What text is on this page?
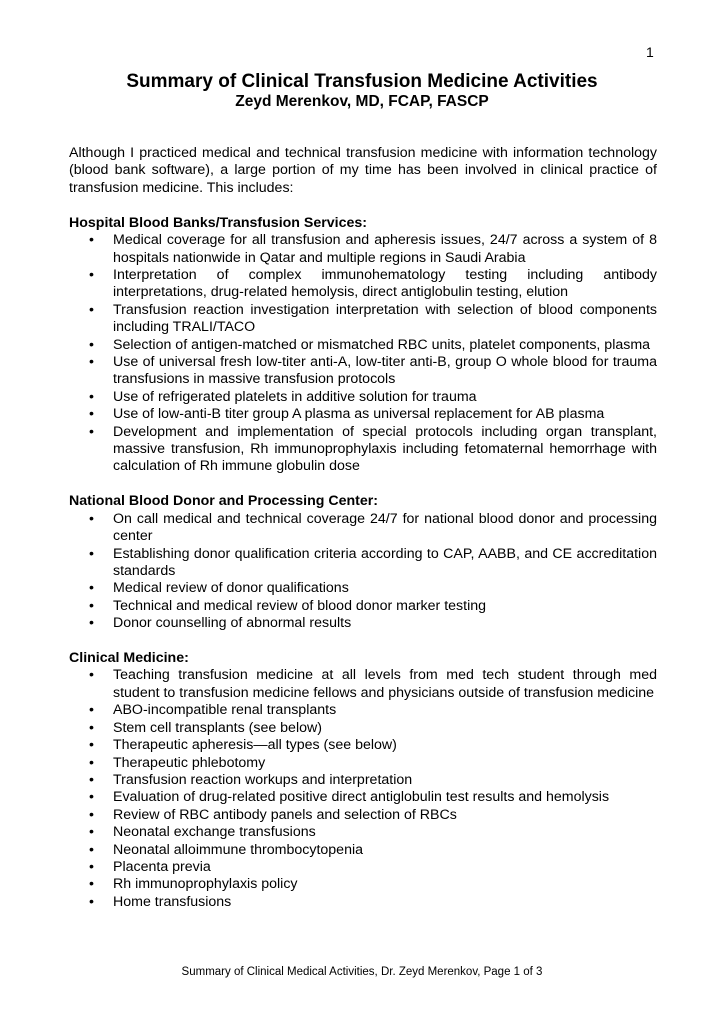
1
Summary of Clinical Transfusion Medicine Activities
Zeyd Merenkov, MD, FCAP, FASCP

Although I practiced medical and technical transfusion medicine with information technology (blood bank software), a large portion of my time has been involved in clinical practice of transfusion medicine. This includes:

Hospital Blood Banks/Transfusion Services:
• Medical coverage for all transfusion and apheresis issues, 24/7 across a system of 8 hospitals nationwide in Qatar and multiple regions in Saudi Arabia
• Interpretation of complex immunohematology testing including antibody interpretations, drug-related hemolysis, direct antiglobulin testing, elution
• Transfusion reaction investigation interpretation with selection of blood components including TRALI/TACO
• Selection of antigen-matched or mismatched RBC units, platelet components, plasma
• Use of universal fresh low-titer anti-A, low-titer anti-B, group O whole blood for trauma transfusions in massive transfusion protocols
• Use of refrigerated platelets in additive solution for trauma
• Use of low-anti-B titer group A plasma as universal replacement for AB plasma
• Development and implementation of special protocols including organ transplant, massive transfusion, Rh immunoprophylaxis including fetomaternal hemorrhage with calculation of Rh immune globulin dose
National Blood Donor and Processing Center:
• On call medical and technical coverage 24/7 for national blood donor and processing center
• Establishing donor qualification criteria according to CAP, AABB, and CE accreditation standards
• Medical review of donor qualifications
• Technical and medical review of blood donor marker testing
• Donor counselling of abnormal results
Clinical Medicine:
• Teaching transfusion medicine at all levels from med tech student through med student to transfusion medicine fellows and physicians outside of transfusion medicine
• ABO-incompatible renal transplants
• Stem cell transplants (see below)
• Therapeutic apheresis—all types (see below)
• Therapeutic phlebotomy
• Transfusion reaction workups and interpretation
• Evaluation of drug-related positive direct antiglobulin test results and hemolysis
• Review of RBC antibody panels and selection of RBCs
• Neonatal exchange transfusions
• Neonatal alloimmune thrombocytopenia
• Placenta previa
• Rh immunoprophylaxis policy
• Home transfusions
Summary of Clinical Medical Activities, Dr. Zeyd Merenkov, Page 1 of 3
